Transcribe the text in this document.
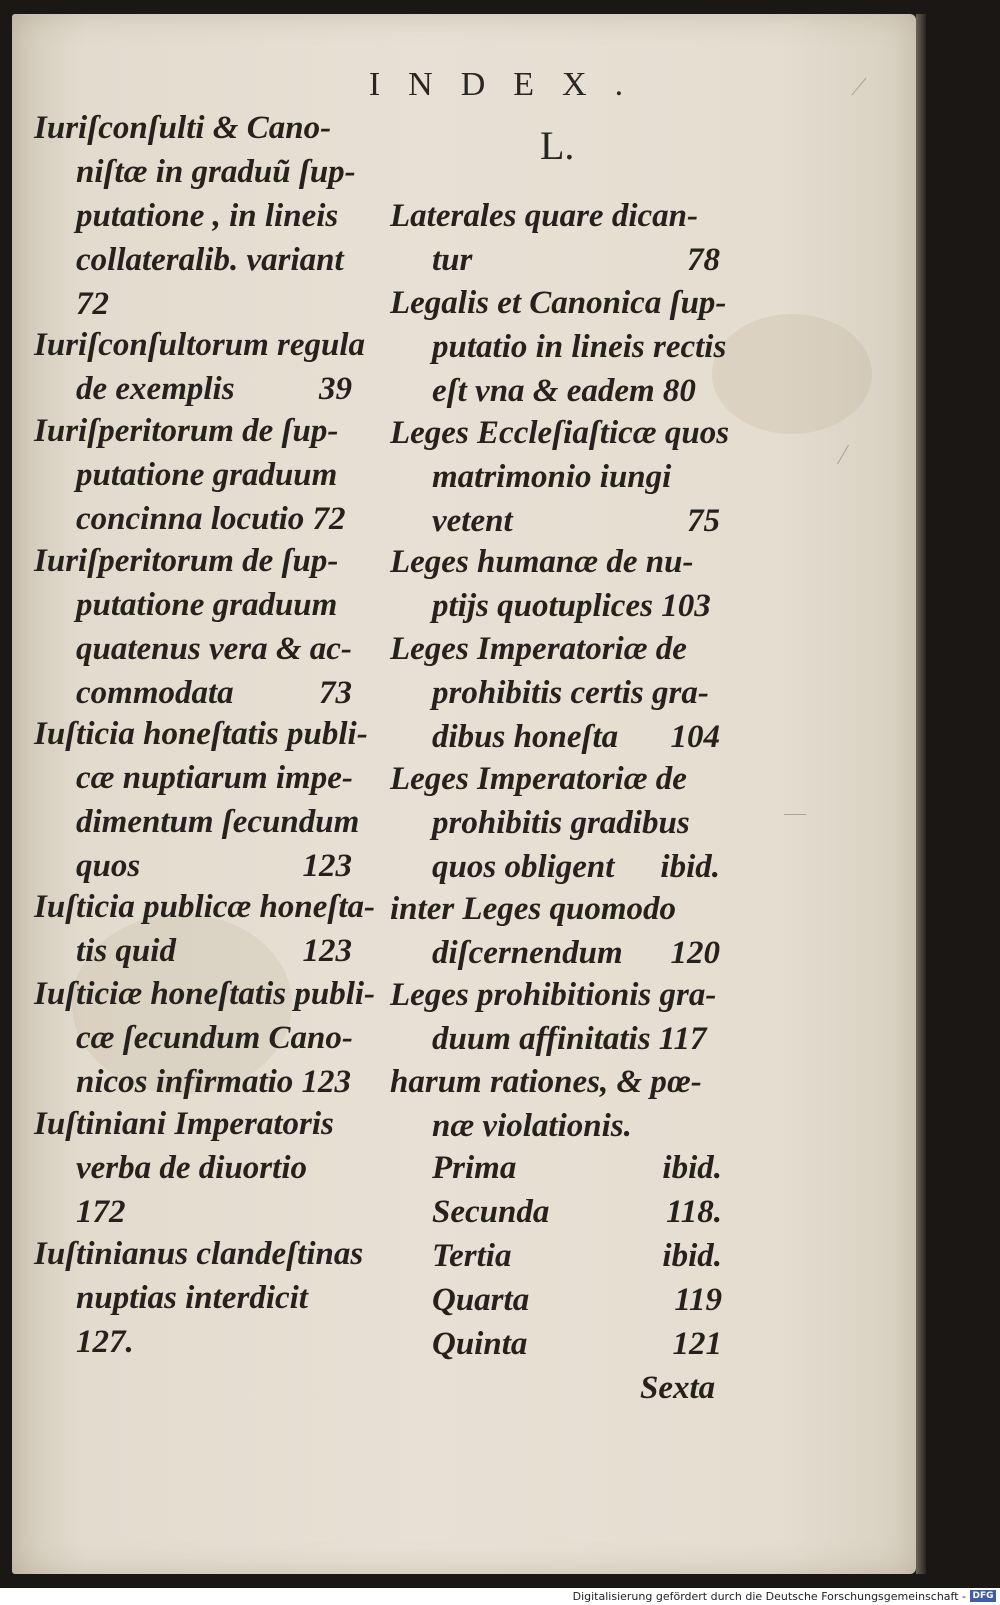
INDEX.
L.
Iuriſconſulti & Cano-
niſtæ in graduũ ſup-
putatione , in lineis
collateralib. variant
72
Iuriſconſultorum regula
de exemplis	39
Iuriſperitorum de ſup-
putatione graduum
concinna locutio 72
Iuriſperitorum de ſup-
putatione graduum
quatenus vera & ac-
commodata	73
Iuſticia honeſtatis publi-
cæ nuptiarum impe-
dimentum ſecundum
quos	123
Iuſticia publicæ honeſta-
tis quid	123
Iuſticiæ honeſtatis publi-
cæ ſecundum Cano-
nicos infirmatio 123
Iuſtiniani Imperatoris
verba de diuortio
172
Iuſtinianus clandeſtinas
nuptias interdicit
127.
Laterales quare dican-
tur	78
Legalis et Canonica ſup-
putatio in lineis rectis
eſt vna & eadem 80
Leges Eccleſiaſticæ quos
matrimonio iungi
vetent	75
Leges humanæ de nu-
ptijs quotuplices 103
Leges Imperatoriæ de
prohibitis certis gra-
dibus honeſta 104
Leges Imperatoriæ de
prohibitis gradibus
quos obligent ibid.
inter Leges quomodo
diſcernendum 120
Leges prohibitionis gra-
duum affinitatis 117
harum rationes, & pœ-
næ violationis.
Prima	ibid.
Secunda	118.
Tertia	ibid.
Quarta	119
Quinta	121
Sexta
Digitalisierung gefördert durch die Deutsche Forschungsgemeinschaft - DFG
